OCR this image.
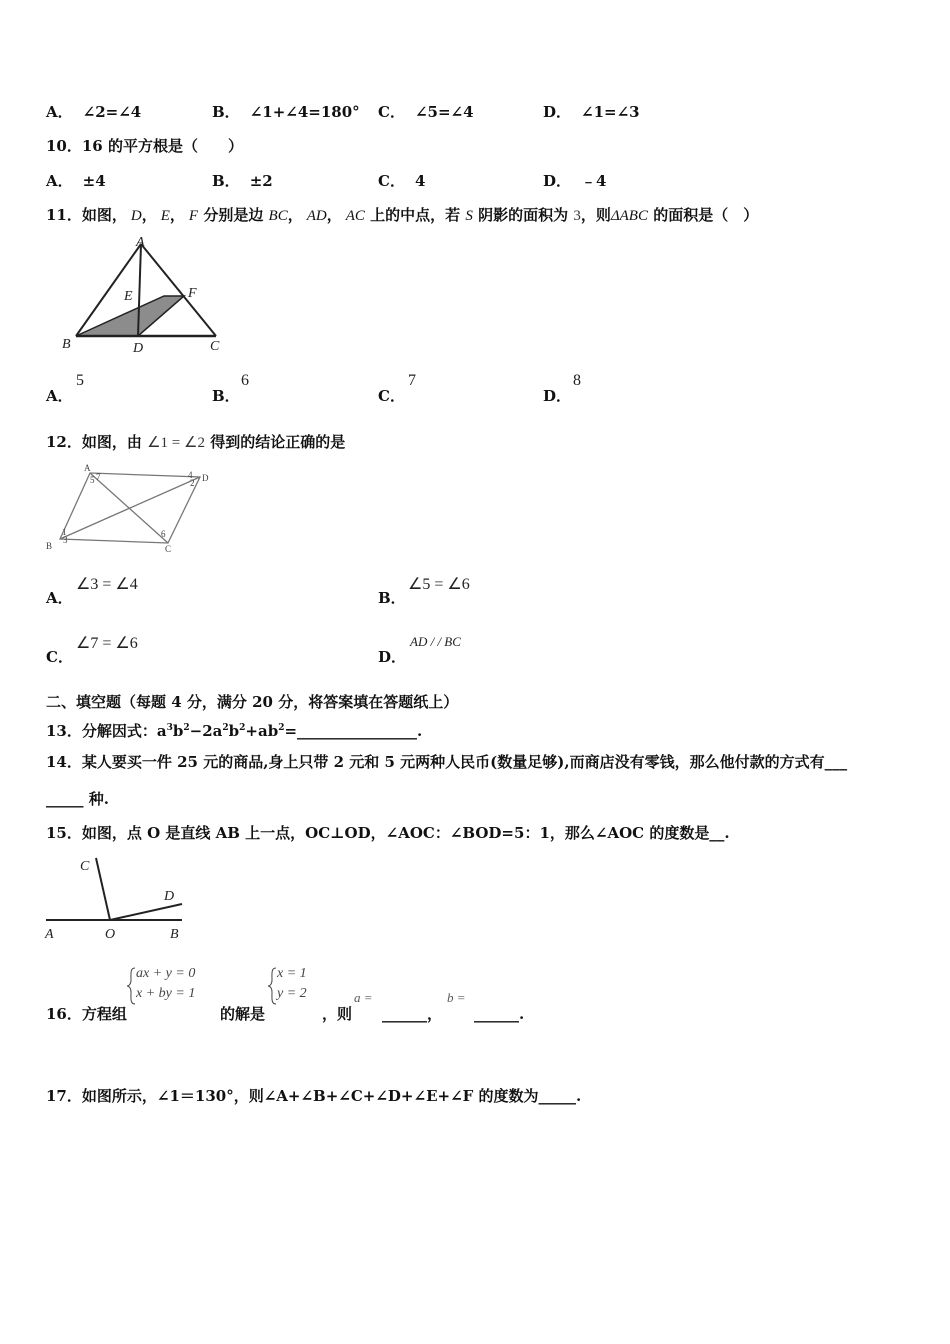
A． ∠2=∠4	B． ∠1+∠4=180° C． ∠5=∠4	D． ∠1=∠3
10．16 的平方根是（　　）
A． ±4	B． ±2	C． 4	D． ﹣4
11．如图， D， E， F 分别是边 BC， AD， AC 上的中点，若 S 阴影的面积为 3，则ΔABC 的面积是（　）
A
B	D	C
E	F
A．
5
B．
6
C．
7
D．
8
12．如图，由 ∠1 = ∠2 得到的结论正确的是
A
B	C
D
4
2
5 7
1
3
6
A．
∠3 = ∠4
B．
∠5 = ∠6
C．
∠7 = ∠6
D．
AD / / BC
二、填空题（每题 4 分，满分 20 分，将答案填在答题纸上）
13．分解因式：$a^3b^2-2a^2b^2+ab^2=\_\_\_\_\_\_\_\_\_\_\_\_\_\_\_\_$.
14．某人要买一件 25 元的商品,身上只带 2 元和 5 元两种人民币(数量足够),而商店没有零钱，那么他付款的方式有___
_____ 种.
15．如图，点 O 是直线 AB 上一点，OC⊥OD，∠AOC：∠BOD=5：1，那么∠AOC 的度数是__.
A	O	B
C
D
16．方程组
ax + y = 0
x + by = 1
的解是
x = 1
y = 2
，则
a =
______，
b =
______.
17．如图所示，∠1＝130°，则∠A+∠B+∠C+∠D+∠E+∠F 的度数为_____.
